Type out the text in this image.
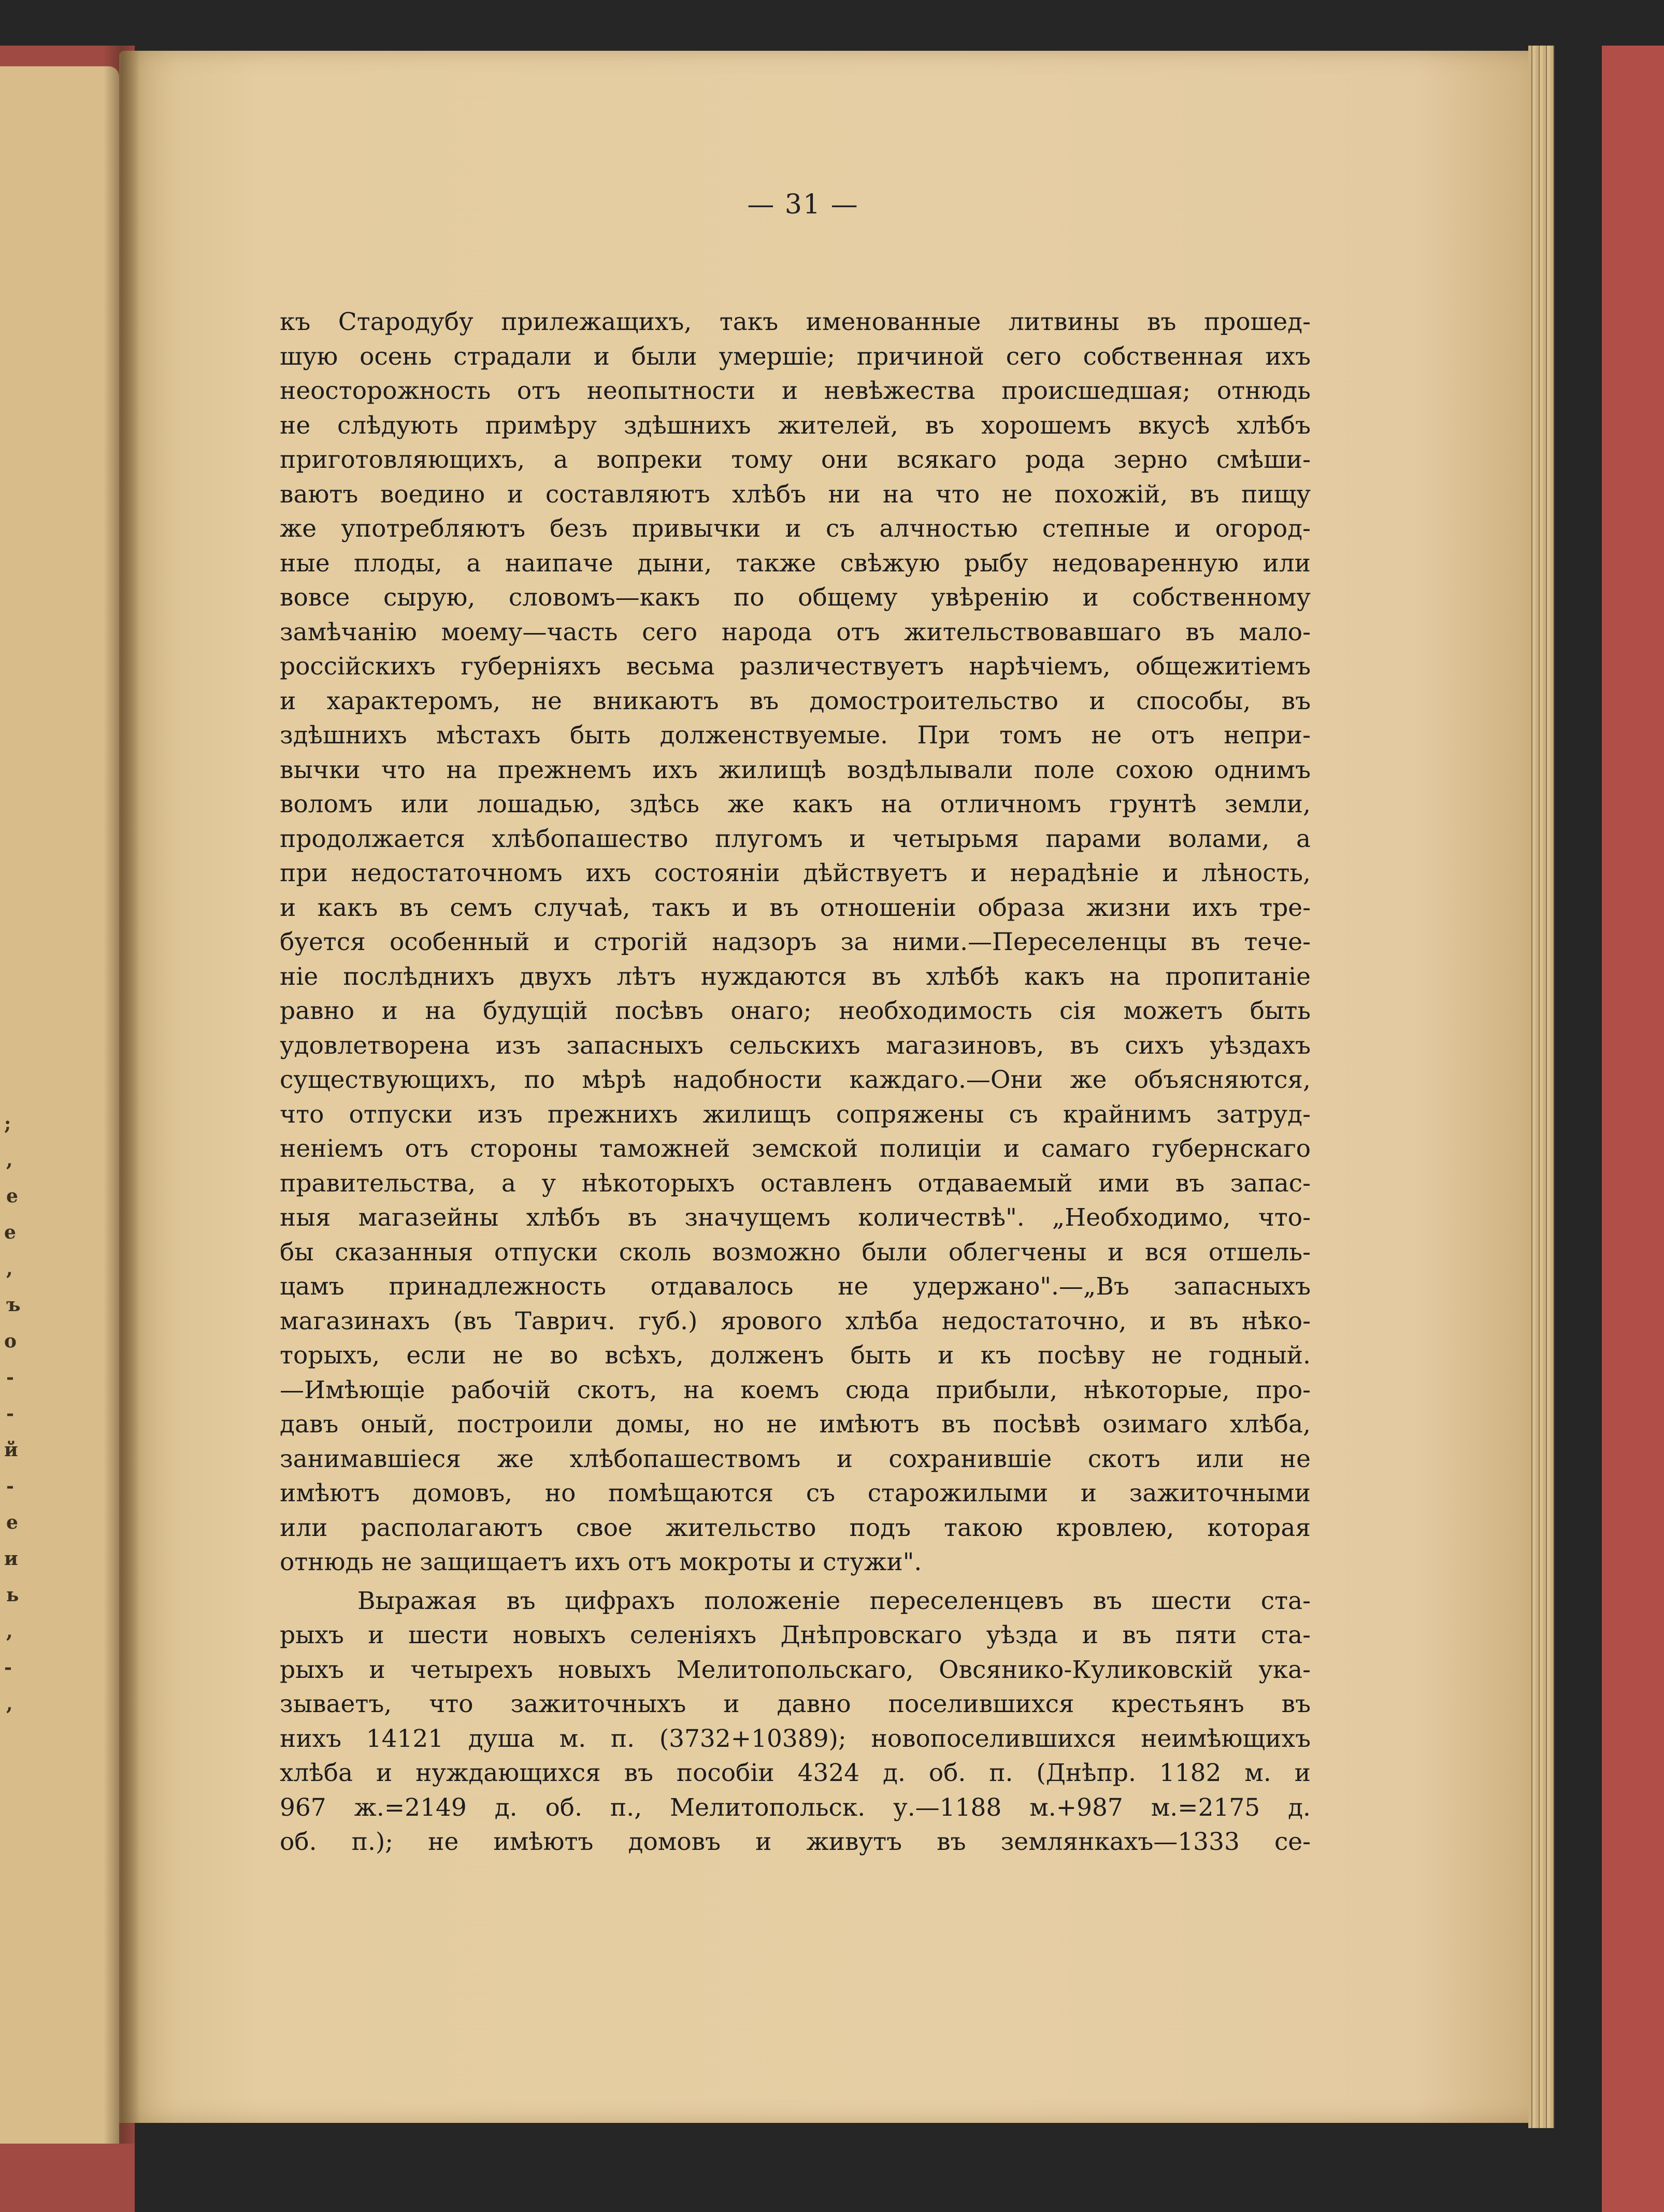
;
,
е
е
,
ъ
о
-
-
й
-
е
и
ь
,
-
,
— 31 —
къ Стародубу прилежащихъ, такъ именованные литвины въ прошед-
шую осень страдали и были умершіе; причиной сего собственная ихъ
неосторожность отъ неопытности и невѣжества происшедшая; отнюдь
не слѣдують примѣру здѣшнихъ жителей, въ хорошемъ вкусѣ хлѣбъ
приготовляющихъ, а вопреки тому они всякаго рода зерно смѣши-
ваютъ воедино и составляютъ хлѣбъ ни на что не похожій, въ пищу
же употребляютъ безъ привычки и съ алчностью степные и огород-
ные плоды, а наипаче дыни, также свѣжую рыбу недоваренную или
вовсе сырую, словомъ—какъ по общему увѣренію и собственному
замѣчанію моему—часть сего народа отъ жительствовавшаго въ мало-
россійскихъ губерніяхъ весьма различествуетъ нарѣчіемъ, общежитіемъ
и характеромъ, не вникаютъ въ домостроительство и способы, въ
здѣшнихъ мѣстахъ быть долженствуемые. При томъ не отъ непри-
вычки что на прежнемъ ихъ жилищѣ воздѣлывали поле сохою однимъ
воломъ или лошадью, здѣсь же какъ на отличномъ грунтѣ земли,
продолжается хлѣбопашество плугомъ и четырьмя парами волами, а
при недостаточномъ ихъ состояніи дѣйствуетъ и нерадѣніе и лѣность,
и какъ въ семъ случаѣ, такъ и въ отношеніи образа жизни ихъ тре-
буется особенный и строгій надзоръ за ними.—Переселенцы въ тече-
ніе послѣднихъ двухъ лѣтъ нуждаются въ хлѣбѣ какъ на пропитаніе
равно и на будущій посѣвъ онаго; необходимость сія можетъ быть
удовлетворена изъ запасныхъ сельскихъ магазиновъ, въ сихъ уѣздахъ
существующихъ, по мѣрѣ надобности каждаго.—Они же объясняются,
что отпуски изъ прежнихъ жилищъ сопряжены съ крайнимъ затруд-
неніемъ отъ стороны таможней земской полиціи и самаго губернскаго
правительства, а у нѣкоторыхъ оставленъ отдаваемый ими въ запас-
ныя магазейны хлѣбъ въ значущемъ количествѣ". „Необходимо, что-
бы сказанныя отпуски сколь возможно были облегчены и вся отшель-
цамъ принадлежность отдавалось не удержано".—„Въ запасныхъ
магазинахъ (въ Таврич. губ.) ярового хлѣба недостаточно, и въ нѣко-
торыхъ, если не во всѣхъ, долженъ быть и къ посѣву не годный.
—Имѣющіе рабочій скотъ, на коемъ сюда прибыли, нѣкоторые, про-
давъ оный, построили домы, но не имѣютъ въ посѣвѣ озимаго хлѣба,
занимавшіеся же хлѣбопашествомъ и сохранившіе скотъ или не
имѣютъ домовъ, но помѣщаются съ старожилыми и зажиточными
или располагаютъ свое жительство подъ такою кровлею, которая
отнюдь не защищаетъ ихъ отъ мокроты и стужи".
Выражая въ цифрахъ положеніе переселенцевъ въ шести ста-
рыхъ и шести новыхъ селеніяхъ Днѣпровскаго уѣзда и въ пяти ста-
рыхъ и четырехъ новыхъ Мелитопольскаго, Овсянико-Куликовскій ука-
зываетъ, что зажиточныхъ и давно поселившихся крестьянъ въ
нихъ 14121 душа м. п. (3732+10389); новопоселившихся неимѣющихъ
хлѣба и нуждающихся въ пособіи 4324 д. об. п. (Днѣпр. 1182 м. и
967 ж.=2149 д. об. п., Мелитопольск. у.—1188 м.+987 м.=2175 д.
об. п.); не имѣютъ домовъ и живутъ въ землянкахъ—1333 се-
